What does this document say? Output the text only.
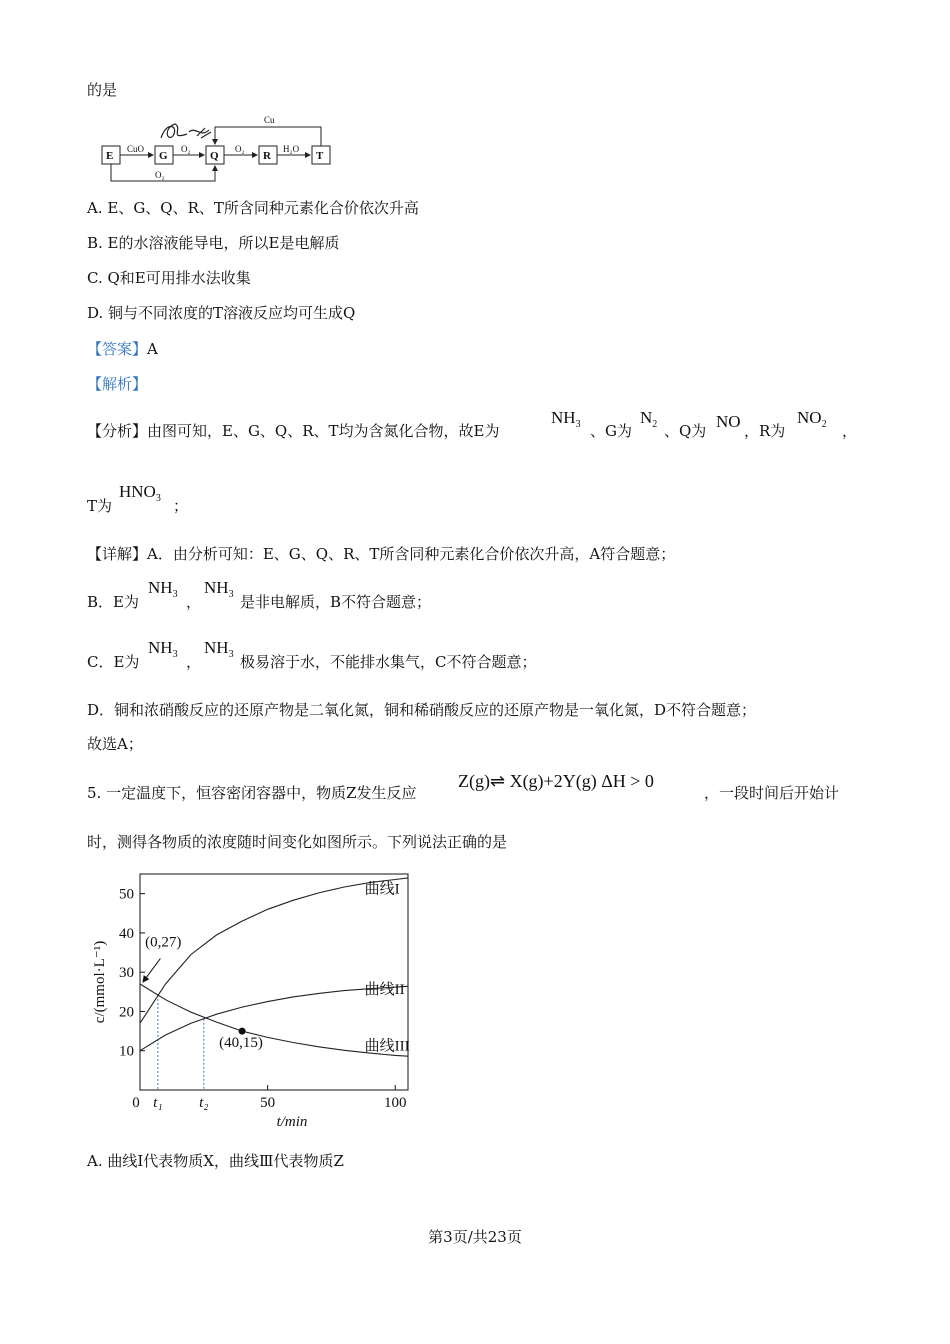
的是
E	G	Q	R	T
CuO	O₂	O₂	H₂O
Cu
O₂
A. E、G、Q、R、T所含同种元素化合价依次升高
B. E的水溶液能导电，所以E是电解质
C. Q和E可用排水法收集
D. 铜与不同浓度的T溶液反应均可生成Q
【答案】A
【解析】
【分析】由图可知，E、G、Q、R、T均为含氮化合物，故E为
$NH_3$ 、G为
$N_2$ 、Q为 NO ，R为
$NO_2$ ，
T为
$HNO_3$ ；
【详解】A．由分析可知：E、G、Q、R、T所含同种元素化合价依次升高，A符合题意；
B．E为
$NH_3$ ，
$NH_3$ 是非电解质，B不符合题意；
C．E为
$NH_3$ ，
$NH_3$ 极易溶于水，不能排水集气，C不符合题意；
D．铜和浓硝酸反应的还原产物是二氧化氮，铜和稀硝酸反应的还原产物是一氧化氮，D不符合题意；
故选A；
5. 一定温度下，恒容密闭容器中，物质Z发生反应
Z(g)⇌ X(g)+2Y(g) ΔH > 0
，一段时间后开始计
时，测得各物质的浓度随时间变化如图所示。下列说法正确的是
10
20
30
40
50
0	50	100
t₁ t₂
曲线I
曲线II
曲线III
(0,27)
(40,15)
c/(mmol·L⁻¹)
t/min
A. 曲线Ⅰ代表物质X，曲线Ⅲ代表物质Z
第3页/共23页
